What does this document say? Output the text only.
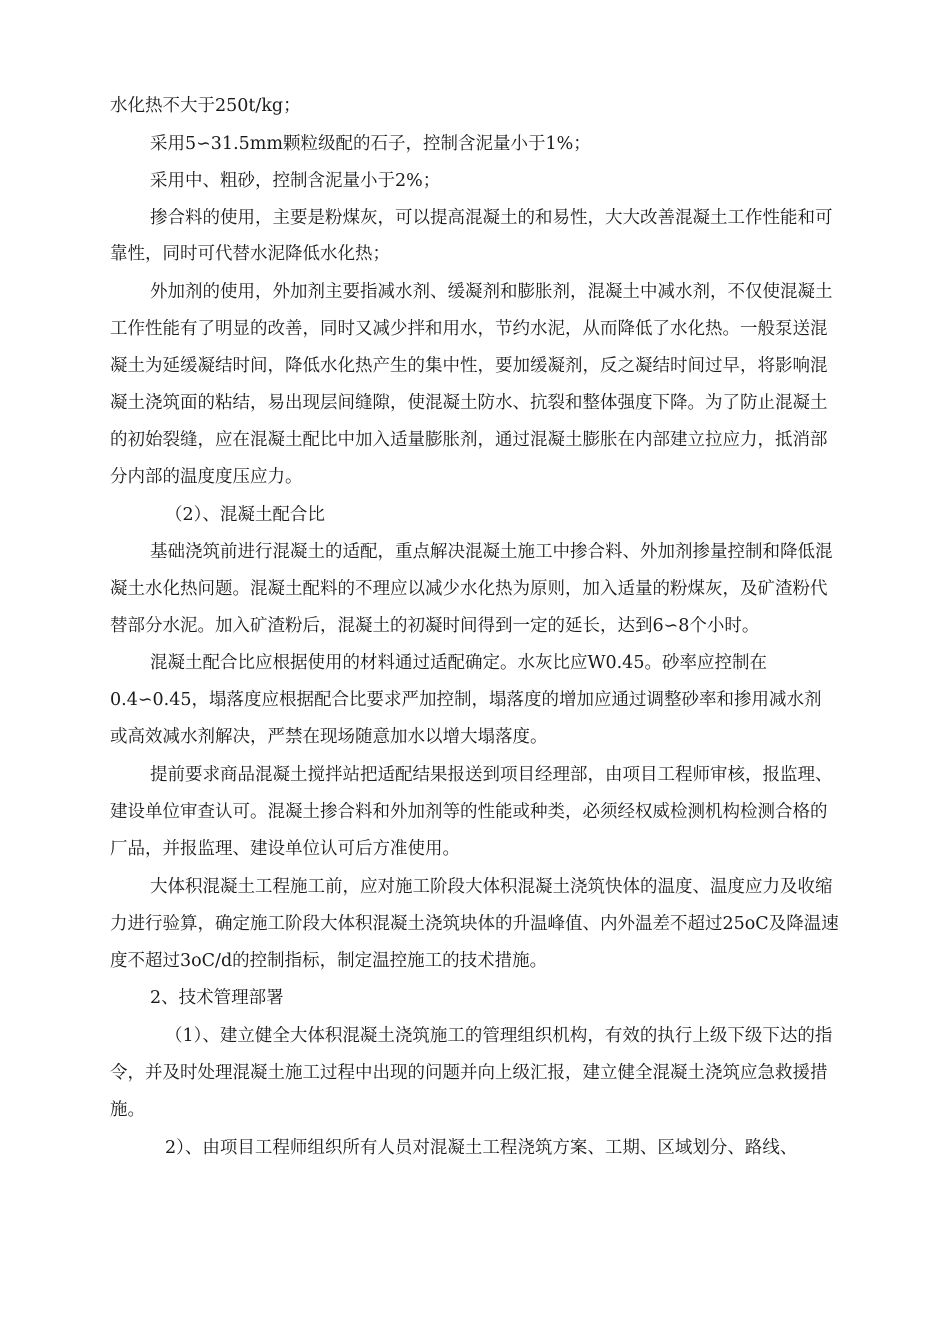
水化热不大于250t/kg；
采用5∽31.5mm颗粒级配的石子，控制含泥量小于1%；
采用中、粗砂，控制含泥量小于2%；
掺合料的使用，主要是粉煤灰，可以提高混凝土的和易性，大大改善混凝土工作性能和可
靠性，同时可代替水泥降低水化热；
外加剂的使用，外加剂主要指减水剂、缓凝剂和膨胀剂，混凝土中减水剂，不仅使混凝土
工作性能有了明显的改善，同时又减少拌和用水，节约水泥，从而降低了水化热。一般泵送混
凝土为延缓凝结时间，降低水化热产生的集中性，要加缓凝剂，反之凝结时间过早，将影响混
凝土浇筑面的粘结，易出现层间缝隙，使混凝土防水、抗裂和整体强度下降。为了防止混凝土
的初始裂缝，应在混凝土配比中加入适量膨胀剂，通过混凝土膨胀在内部建立拉应力，抵消部
分内部的温度度压应力。
（2）、混凝土配合比
基础浇筑前进行混凝土的适配，重点解决混凝土施工中掺合料、外加剂掺量控制和降低混
凝土水化热问题。混凝土配料的不理应以减少水化热为原则，加入适量的粉煤灰，及矿渣粉代
替部分水泥。加入矿渣粉后，混凝土的初凝时间得到一定的延长，达到6∽8个小时。
混凝土配合比应根据使用的材料通过适配确定。水灰比应W0.45。砂率应控制在
0.4∽0.45，塌落度应根据配合比要求严加控制，塌落度的增加应通过调整砂率和掺用减水剂
或高效减水剂解决，严禁在现场随意加水以增大塌落度。
提前要求商品混凝土搅拌站把适配结果报送到项目经理部，由项目工程师审核，报监理、
建设单位审查认可。混凝土掺合料和外加剂等的性能或种类，必须经权威检测机构检测合格的
厂品，并报监理、建设单位认可后方准使用。
大体积混凝土工程施工前，应对施工阶段大体积混凝土浇筑快体的温度、温度应力及收缩
力进行验算，确定施工阶段大体积混凝土浇筑块体的升温峰值、内外温差不超过25oC及降温速
度不超过3oC/d的控制指标，制定温控施工的技术措施。
2、技术管理部署
（1）、建立健全大体积混凝土浇筑施工的管理组织机构，有效的执行上级下级下达的指
令，并及时处理混凝土施工过程中出现的问题并向上级汇报，建立健全混凝土浇筑应急救援措
施。
2）、由项目工程师组织所有人员对混凝土工程浇筑方案、工期、区域划分、路线、
